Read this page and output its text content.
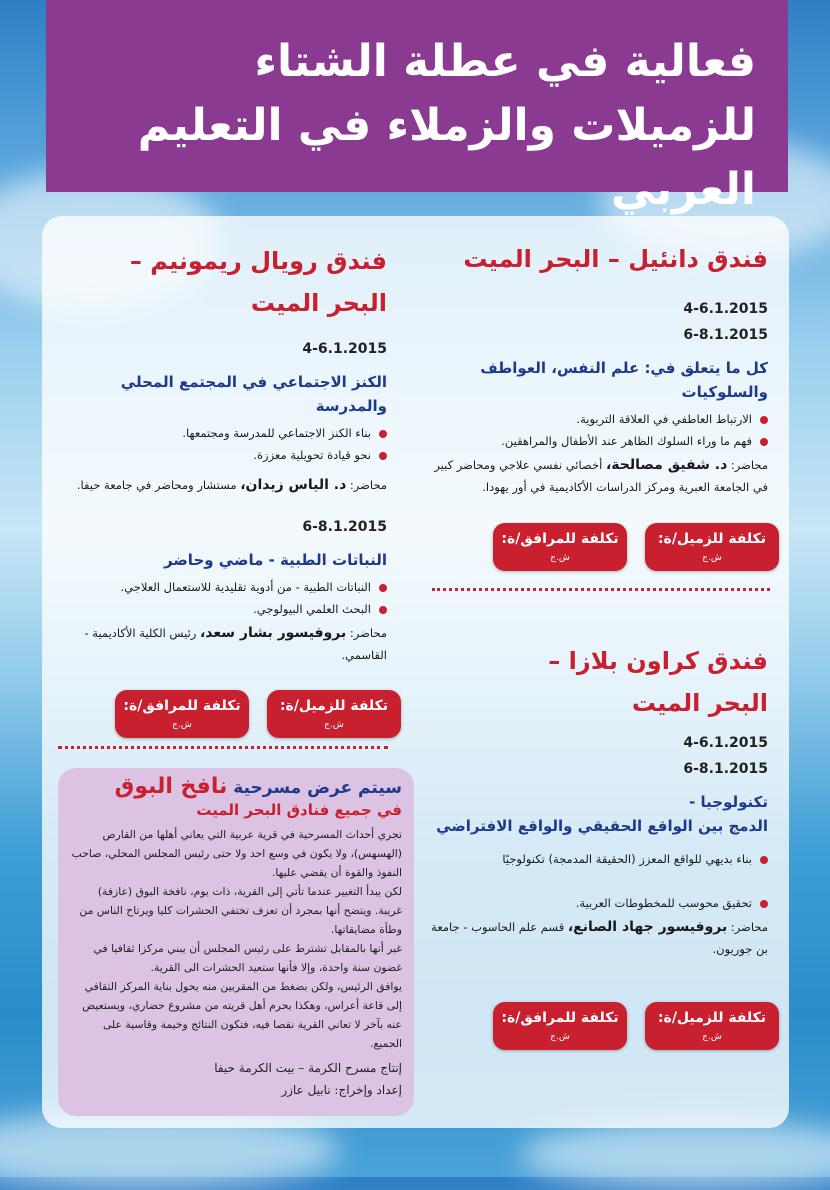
فعالية في عطلة الشتاء
للزميلات والزملاء في التعليم العربي
فندق دانئيل – البحر الميت
4-6.1.2015
6-8.1.2015
كل ما يتعلق في: علم النفس، العواطف والسلوكيات
الارتباط العاطفي في العلاقة التربوية.
فهم ما وراء السلوك الظاهر عند الأطفال والمراهقين.
محاضر: د. شفيق مصالحة، أخصائي نفسي علاجي ومحاضر كبير في الجامعة العبرية ومركز الدراسات الأكاديمية في أور يهودا.
تكلفة للزميل/ة:
ش.ج
تكلفة للمرافق/ة:
ش.ج
فندق رويال ريمونيم –
البحر الميت
4-6.1.2015
الكنز الاجتماعي في المجتمع المحلي والمدرسة
بناء الكنز الاجتماعي للمدرسة ومجتمعها.
نحو قيادة تحويلية معززة.
محاضر: د. الياس زيدان، مستشار ومحاضر في جامعة حيفا.
6-8.1.2015
النباتات الطبية - ماضي وحاضر
النباتات الطبية - من أدوية تقليدية للاستعمال العلاجي.
البحث العلمي البيولوجي.
محاضر: بروفيسور بشار سعد، رئيس الكلية الأكاديمية - القاسمي.
تكلفة للزميل/ة:
ش.ج
تكلفة للمرافق/ة:
ش.ج
فندق كراون بلازا –
البحر الميت
4-6.1.2015
6-8.1.2015
تكنولوجيا -
الدمج بين الواقع الحقيقي والواقع الافتراضي
بناء بديهي للواقع المعزز (الحقيقة المدمجة) تكنولوجيًا
تحقيق محوسب للمخطوطات العربية.
محاضر: بروفيسور جهاد الصانع، قسم علم الحاسوب - جامعة بن جوريون.
تكلفة للزميل/ة:
ش.ج
تكلفة للمرافق/ة:
ش.ج
سيتم عرض مسرحية نافخ البوق
في جميع فنادق البحر الميت
تجري أحداث المسرحية في قرية عربية التي يعاني أهلها من القارص (الهسهس)، ولا يكون في وسع احد ولا حتى رئيس المجلس المحلي، صاحب النفوذ والقوة أن يقضي عليها.
لكن يبدأ التغيير عندما تأتي إلى القرية، ذات يوم، نافخة البوق (عازفة) غريبة. ويتضح أنها بمجرد أن تعزف تختفي الحشرات كليا ويرتاح الناس من وطأة مضايقاتها.
غير أنها بالمقابل تشترط على رئيس المجلس أن يبني مركزا ثقافيا في غضون سنة واحدة، وإلا فأنها ستعيد الحشرات الى القرية.
يوافق الرئيس، ولكن بضغط من المقربين منه يحول بناية المركز الثقافي إلى قاعة أعراس، وهكذا يحرم أهل قريته من مشروع حضاري، ويستعيض عنه بآخر لا تعاني القرية نقصا فيه، فتكون النتائج وخيمة وقاسية على الجميع.
إنتاج مسرح الكرمة – بيت الكرمة حيفا
إعداد وإخراج: نابيل عازر
